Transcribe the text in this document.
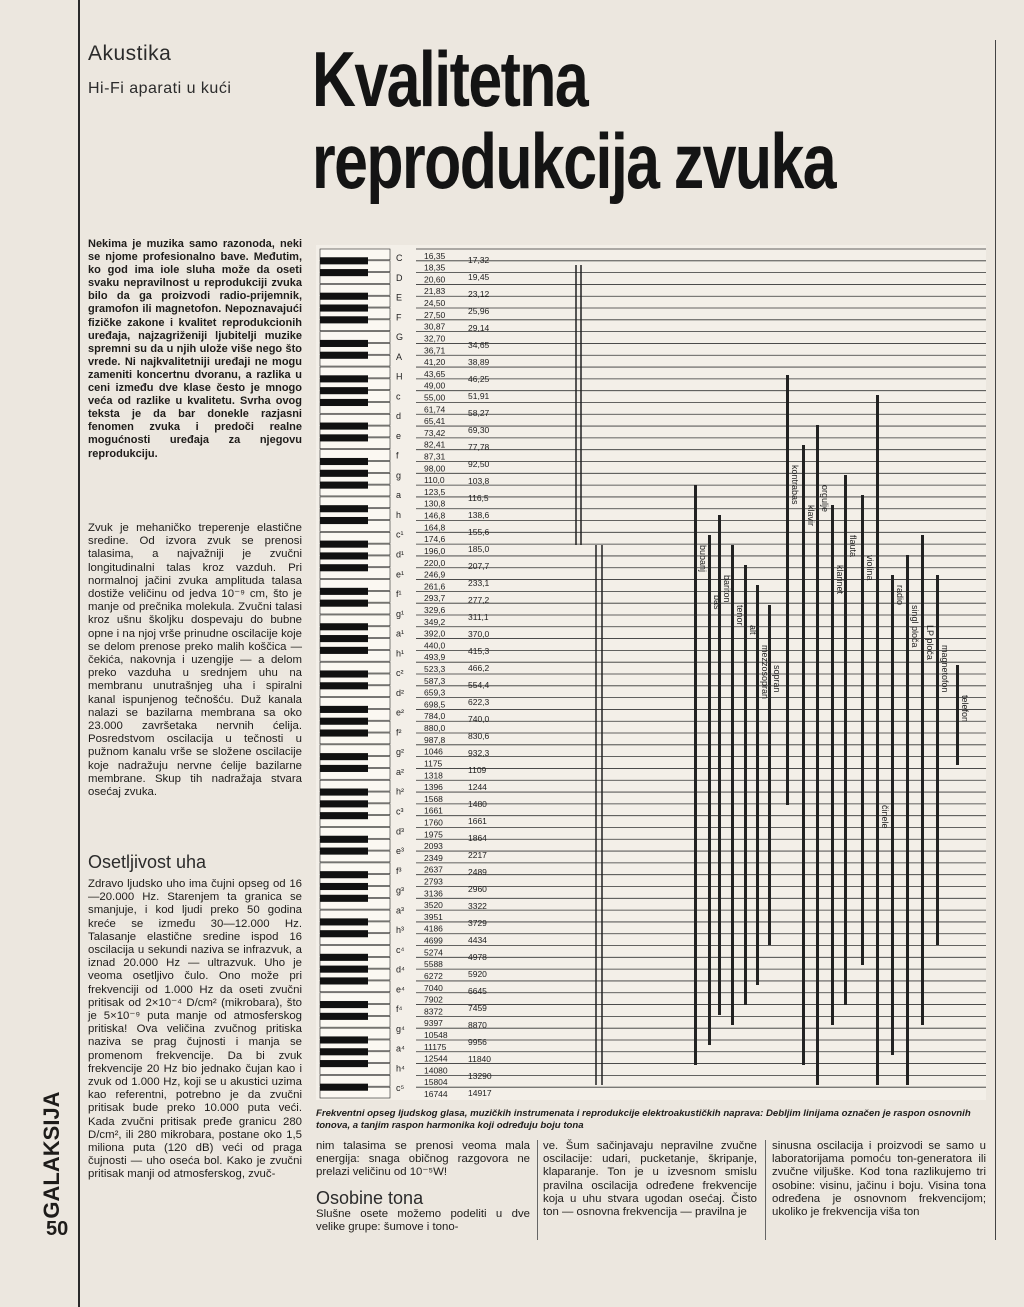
Akustika
Hi-Fi aparati u kući Kvalitetna
reprodukcija zvuka
Nekima je muzika samo razonoda, neki se njome profesionalno bave. Međutim, ko god ima iole sluha može da oseti svaku nepravilnost u reprodukciji zvuka bilo da ga proizvodi radio-prijemnik, gramofon ili magnetofon. Nepoznavajući fizičke zakone i kvalitet reprodukcionih uređaja, najzagriženiji ljubitelji muzike spremni su da u njih ulože više nego što vrede. Ni najkvalitetniji uređaji ne mogu zameniti koncertnu dvoranu, a razlika u ceni između dve klase često je mnogo veća od razlike u kvalitetu. Svrha ovog teksta je da bar donekle razjasni fenomen zvuka i predoči realne mogućnosti uređaja za njegovu reprodukciju.
Zvuk je mehaničko treperenje elastične sredine. Od izvora zvuk se prenosi talasima, a najvažniji je zvučni longitudinalni talas kroz vazduh. Pri normalnoj jačini zvuka amplituda talasa dostiže veličinu od jedva 10⁻⁹ cm, što je manje od prečnika molekula. Zvučni talasi kroz ušnu školjku dospevaju do bubne opne i na njoj vrše prinudne oscilacije koje se delom prenose preko malih koščica — čekića, nakovnja i uzengije — a delom preko vazduha u srednjem uhu na membranu unutrašnjeg uha i spiralni kanal ispunjenog tečnošću. Duž kanala nalazi se bazilarna membrana sa oko 23.000 završetaka nervnih ćelija. Posredstvom oscilacija u tečnosti u pužnom kanalu vrše se složene oscilacije koje nadražuju nervne ćelije bazilarne membrane. Skup tih nadražaja stvara osećaj zvuka.
Osetljivost uha
Zdravo ljudsko uho ima čujni opseg od 16—20.000 Hz. Starenjem ta granica se smanjuje, i kod ljudi preko 50 godina kreće se između 30—12.000 Hz. Talasanje elastične sredine ispod 16 oscilacija u sekundi naziva se infrazvuk, a iznad 20.000 Hz — ultrazvuk. Uho je veoma osetljivo čulo. Ono može pri frekvenciji od 1.000 Hz da oseti zvučni pritisak od 2×10⁻⁴ D/cm² (mikrobara), što je 5×10⁻⁹ puta manje od atmosferskog pritiska! Ova veličina zvučnog pritiska naziva se prag čujnosti i manja se promenom frekvencije. Da bi zvuk frekvencije 20 Hz bio jednako čujan kao i zvuk od 1.000 Hz, koji se u akustici uzima kao referentni, potrebno je da zvučni pritisak bude preko 10.000 puta veći. Kada zvučni pritisak pređe granicu 280 D/cm², ili 280 mikrobara, postane oko 1,5 miliona puta (120 dB) veći od praga čujnosti — uho oseća bol. Kako je zvučni pritisak manji od atmosferskog, zvuč-
C
D
E
F
G
A
H
c
d
e
f
g
a
h
c¹
d¹
e¹
f¹
g¹
a¹
h¹
c²
d²
e²
f²
g²
a²
h²
c³
d³
e³
f³
g³
a³
h³
c⁴
d⁴
e⁴
f⁴
g⁴
a⁴
h⁴
c⁵
16,35
18,35
20,60
21,83
24,50
27,50
30,87
32,70
36,71
41,20
43,65
49,00
55,00
61,74
65,41
73,42
82,41
87,31
98,00
110,0
123,5
130,8
146,8
164,8
174,6
196,0
220,0
246,9
261,6
293,7
329,6
349,2
392,0
440,0
493,9
523,3
587,3
659,3
698,5
784,0
880,0
987,8
1046
1175
1318
1396
1568
1661
1760
1975
2093
2349
2637
2793
3136
3520
3951
4186
4699
5274
5588
6272
7040
7902
8372
9397
10548
11175
12544
14080
15804
16744
17,32
19,45
23,12
25,96
29,14
34,65
38,89
46,25
51,91
58,27
69,30
77,78
92,50
103,8
116,5
138,6
155,6
185,0
207,7
233,1
277,2
311,1
370,0
415,3
466,2
554,4
622,3
740,0
830,6
932,3
1109
1244
1480
1661
1864
2217
2489
2960
3322
3729
4434
4978
5920
6645
7459
8870
9956
11840
13290
14917
kontrabas
bubanj
bas bariton
tenor
alt
mezzosopran sopran
klavir
orgulje
klarinet
flauta
violina
činele
radio
singl ploča LP ploča
magnetofon
telefon
Frekventni opseg ljudskog glasa, muzičkih instrumenata i reprodukcije elektroakustičkih naprava: Debljim linijama označen je raspon osnovnih tonova, a tanjim raspon harmonika koji određuju boju tona
nim talasima se prenosi veoma mala energija: snaga običnog razgovora ne prelazi veličinu od 10⁻⁵W!
Osobine tona
Slušne osete možemo podeliti u dve velike grupe: šumove i tono-
ve. Šum sačinjavaju nepravilne zvučne oscilacije: udari, pucketanje, škripanje, klaparanje. Ton je u izvesnom smislu pravilna oscilacija određene frekvencije koja u uhu stvara ugodan osećaj. Čisto ton — osnovna frekvencija — pravilna je
sinusna oscilacija i proizvodi se samo u laboratorijama pomoću ton-generatora ili zvučne viljuške. Kod tona razlikujemo tri osobine: visinu, jačinu i boju. Visina tona određena je osnovnom frekvencijom; ukoliko je frekvencija viša ton
GALAKSIJA
50
